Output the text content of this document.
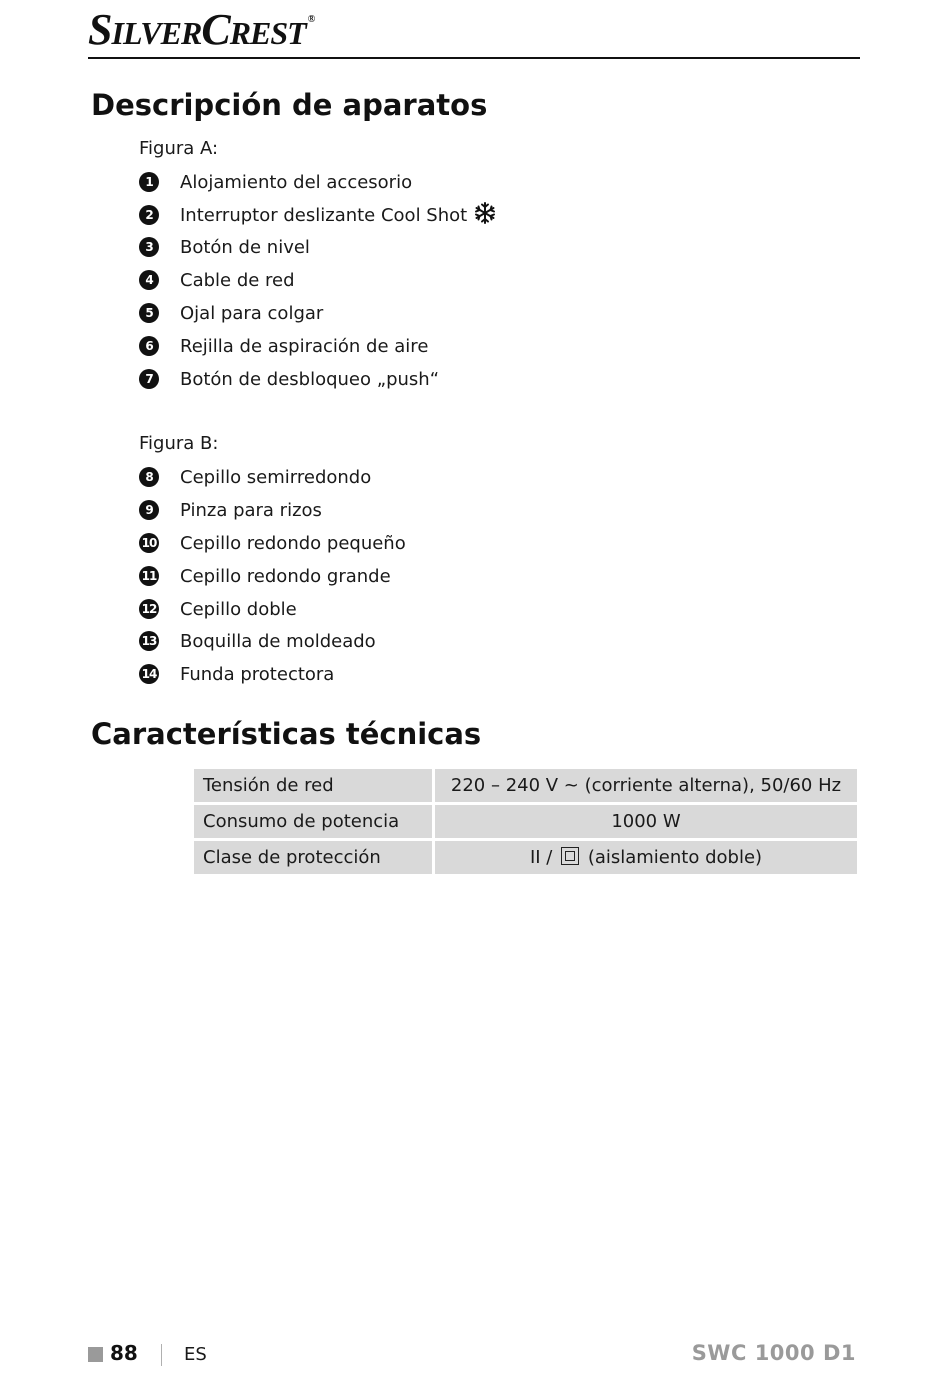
SILVERCREST ®
Descripción de aparatos
Figura A:
1	Alojamiento del accesorio
2	Interruptor deslizante Cool Shot
3	Botón de nivel
4	Cable de red
5	Ojal para colgar
6	Rejilla de aspiración de aire
7	Botón de desbloqueo „push“
Figura B:
8	Cepillo semirredondo
9	Pinza para rizos
10 Cepillo redondo pequeño
11 Cepillo redondo grande
12 Cepillo doble
13 Boquilla de moldeado
14 Funda protectora
Características técnicas
Tensión de red	220 – 240 V ~ (corriente alterna), 50/60 Hz
Consumo de potencia	1000 W
Clase de protección	II / (aislamiento doble)
88	ES	SWC 1000 D1
